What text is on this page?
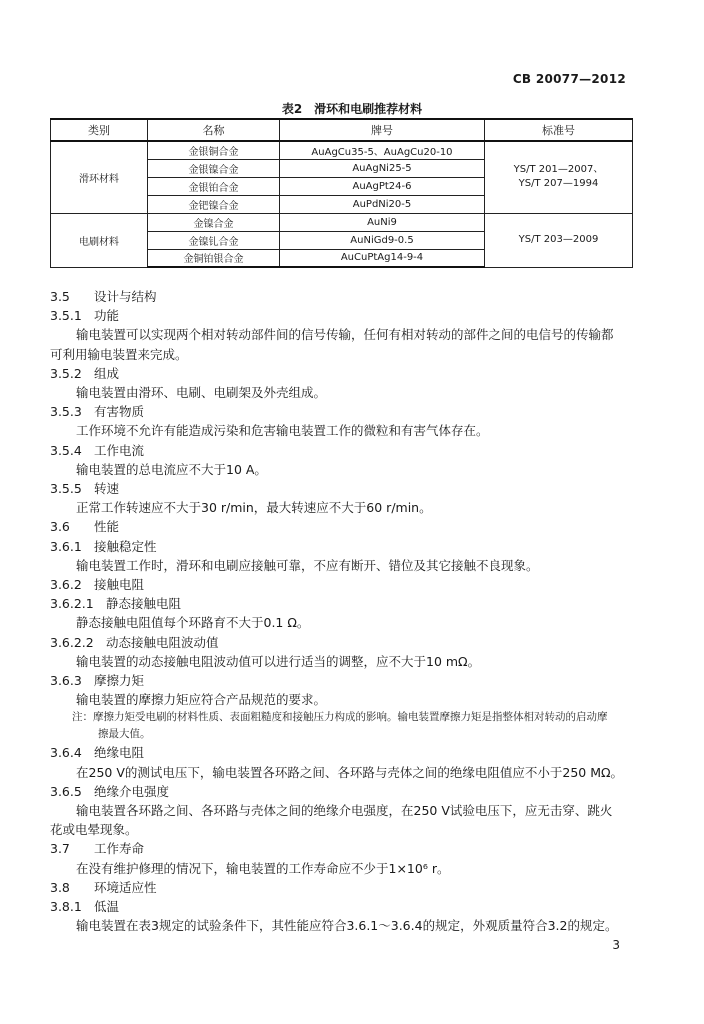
CB 20077—2012
表2　滑环和电刷推荐材料
类别	名称	牌号	标准号
滑环材料	金银铜合金	AuAgCu35-5、AuAgCu20-10	YS/T 201—2007、
YS/T 207—1994

	金银镍合金	AuAgNi25-5	
	金银铂合金	AuAgPt24-6	
	金钯镍合金	AuPdNi20-5	
电刷材料	金镍合金	AuNi9	YS/T 203—2009

	金镍钆合金	AuNiGd9-0.5	
	金铜铂银合金	AuCuPtAg14-9-4	
3.5 设计与结构
3.5.1 功能
输电装置可以实现两个相对转动部件间的信号传输，任何有相对转动的部件之间的电信号的传输都
可利用输电装置来完成。
3.5.2 组成
输电装置由滑环、电刷、电刷架及外壳组成。
3.5.3 有害物质
工作环境不允许有能造成污染和危害输电装置工作的微粒和有害气体存在。
3.5.4 工作电流
输电装置的总电流应不大于10 A。
3.5.5 转速
正常工作转速应不大于30 r/min，最大转速应不大于60 r/min。
3.6 性能
3.6.1 接触稳定性
输电装置工作时，滑环和电刷应接触可靠，不应有断开、错位及其它接触不良现象。
3.6.2 接触电阻
3.6.2.1 静态接触电阻
静态接触电阻值每个环路育不大于0.1 Ω。
3.6.2.2 动态接触电阻波动值
输电装置的动态接触电阻波动值可以进行适当的调整，应不大于10 mΩ。
3.6.3 摩擦力矩
输电装置的摩擦力矩应符合产品规范的要求。
注：摩擦力矩受电刷的材料性质、表面粗糙度和接触压力构成的影响。输电装置摩擦力矩是指整体相对转动的启动摩
擦最大值。
3.6.4 绝缘电阻
在250 V的测试电压下，输电装置各环路之间、各环路与壳体之间的绝缘电阻值应不小于250 MΩ。
3.6.5 绝缘介电强度
输电装置各环路之间、各环路与壳体之间的绝缘介电强度，在250 V试验电压下，应无击穿、跳火
花或电晕现象。
3.7 工作寿命
在没有维护修理的情况下，输电装置的工作寿命应不少于1×10⁶ r。
3.8 环境适应性
3.8.1 低温
输电装置在表3规定的试验条件下，其性能应符合3.6.1～3.6.4的规定，外观质量符合3.2的规定。
3
